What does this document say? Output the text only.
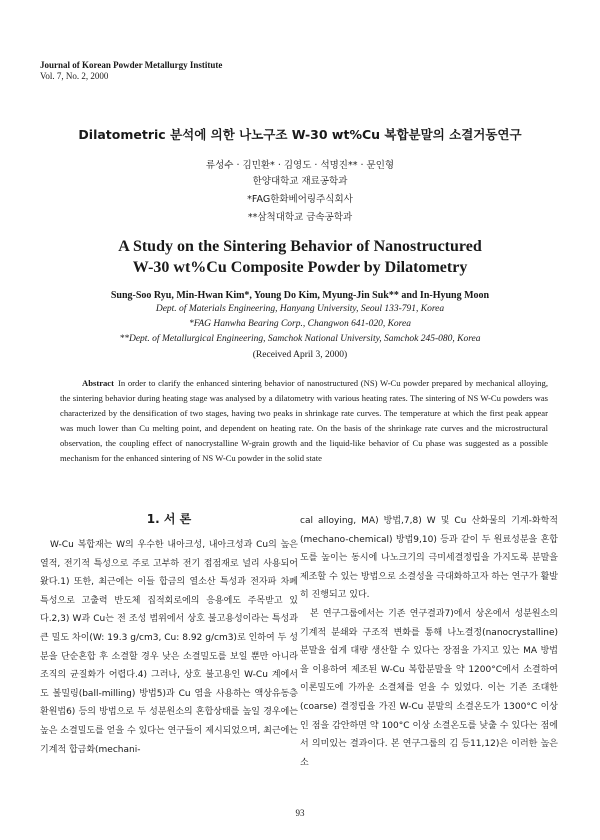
Journal of Korean Powder Metallurgy Institute
Vol. 7, No. 2, 2000
Dilatometric 분석에 의한 나노구조 W-30 wt%Cu 복합분말의 소결거동연구
류성수 · 김민환* · 김영도 · 석명진** · 문인형
한양대학교 재료공학과
*FAG한화베어링주식회사
**삼척대학교 금속공학과
A Study on the Sintering Behavior of Nanostructured
W-30 wt%Cu Composite Powder by Dilatometry
Sung-Soo Ryu, Min-Hwan Kim*, Young Do Kim, Myung-Jin Suk** and In-Hyung Moon
Dept. of Materials Engineering, Hanyang University, Seoul 133-791, Korea
*FAG Hanwha Bearing Corp., Changwon 641-020, Korea
**Dept. of Metallurgical Engineering, Samchok National University, Samchok 245-080, Korea
(Received April 3, 2000)
Abstract In order to clarify the enhanced sintering behavior of nanostructured (NS) W-Cu powder prepared by mechanical alloying, the sintering behavior during heating stage was analysed by a dilatometry with various heating rates. The sintering of NS W-Cu powders was characterized by the densification of two stages, having two peaks in shrinkage rate curves. The temperature at which the first peak appear was much lower than Cu melting point, and dependent on heating rate. On the basis of the shrinkage rate curves and the microstructural observation, the coupling effect of nanocrystalline W-grain growth and the liquid-like behavior of Cu phase was suggested as a possible mechanism for the enhanced sintering of NS W-Cu powder in the solid state
1. 서 론

W-Cu 복합재는 W의 우수한 내아크성, 내아크성과 Cu의 높은 열적, 전기적 특성으로 주로 고부하 전기 접점재로 널리 사용되어 왔다.1) 또한, 최근에는 이들 합금의 열소산 특성과 전자파 차폐 특성으로 고출력 반도체 집적회로에의 응용에도 주목받고 있다.2,3) W과 Cu는 전 조성 범위에서 상호 불고용성이라는 특성과 큰 밀도 차이(W: 19.3 g/cm3, Cu: 8.92 g/cm3)로 인하여 두 성분을 단순혼합 후 소결할 경우 낮은 소결밀도를 보일 뿐만 아니라 조직의 균질화가 어렵다.4) 그러나, 상호 불고용인 W-Cu 계에서도 볼밀링(ball-milling) 방법5)과 Cu 염을 사용하는 액상유동층 환원법6) 등의 방법으로 두 성분원소의 혼합상태를 높일 경우에는 높은 소결밀도를 얻을 수 있다는 연구들이 제시되었으며, 최근에는 기계적 합금화(mechani-

cal alloying, MA) 방법,7,8) W 및 Cu 산화물의 기계-화학적(mechano-chemical) 방법9,10) 등과 같이 두 원료성분을 혼합도를 높이는 동시에 나노크기의 극미세결정립을 가지도록 분말을 제조할 수 있는 방법으로 소결성을 극대화하고자 하는 연구가 활발히 진행되고 있다.

본 연구그룹에서는 기존 연구결과7)에서 상온에서 성분원소의 기계적 분쇄와 구조적 변화를 통해 나노결정(nanocrystalline) 분말을 쉽게 대량 생산할 수 있다는 장점을 가지고 있는 MA 방법을 이용하여 제조된 W-Cu 복합분말을 약 1200°C에서 소결하여 이론밀도에 가까운 소결체를 얻을 수 있었다. 이는 기존 조대한(coarse) 결정립을 가진 W-Cu 분말의 소결온도가 1300°C 이상인 점을 감안하면 약 100°C 이상 소결온도를 낮출 수 있다는 점에서 의미있는 결과이다. 본 연구그룹의 김 등11,12)은 이러한 높은 소

93
